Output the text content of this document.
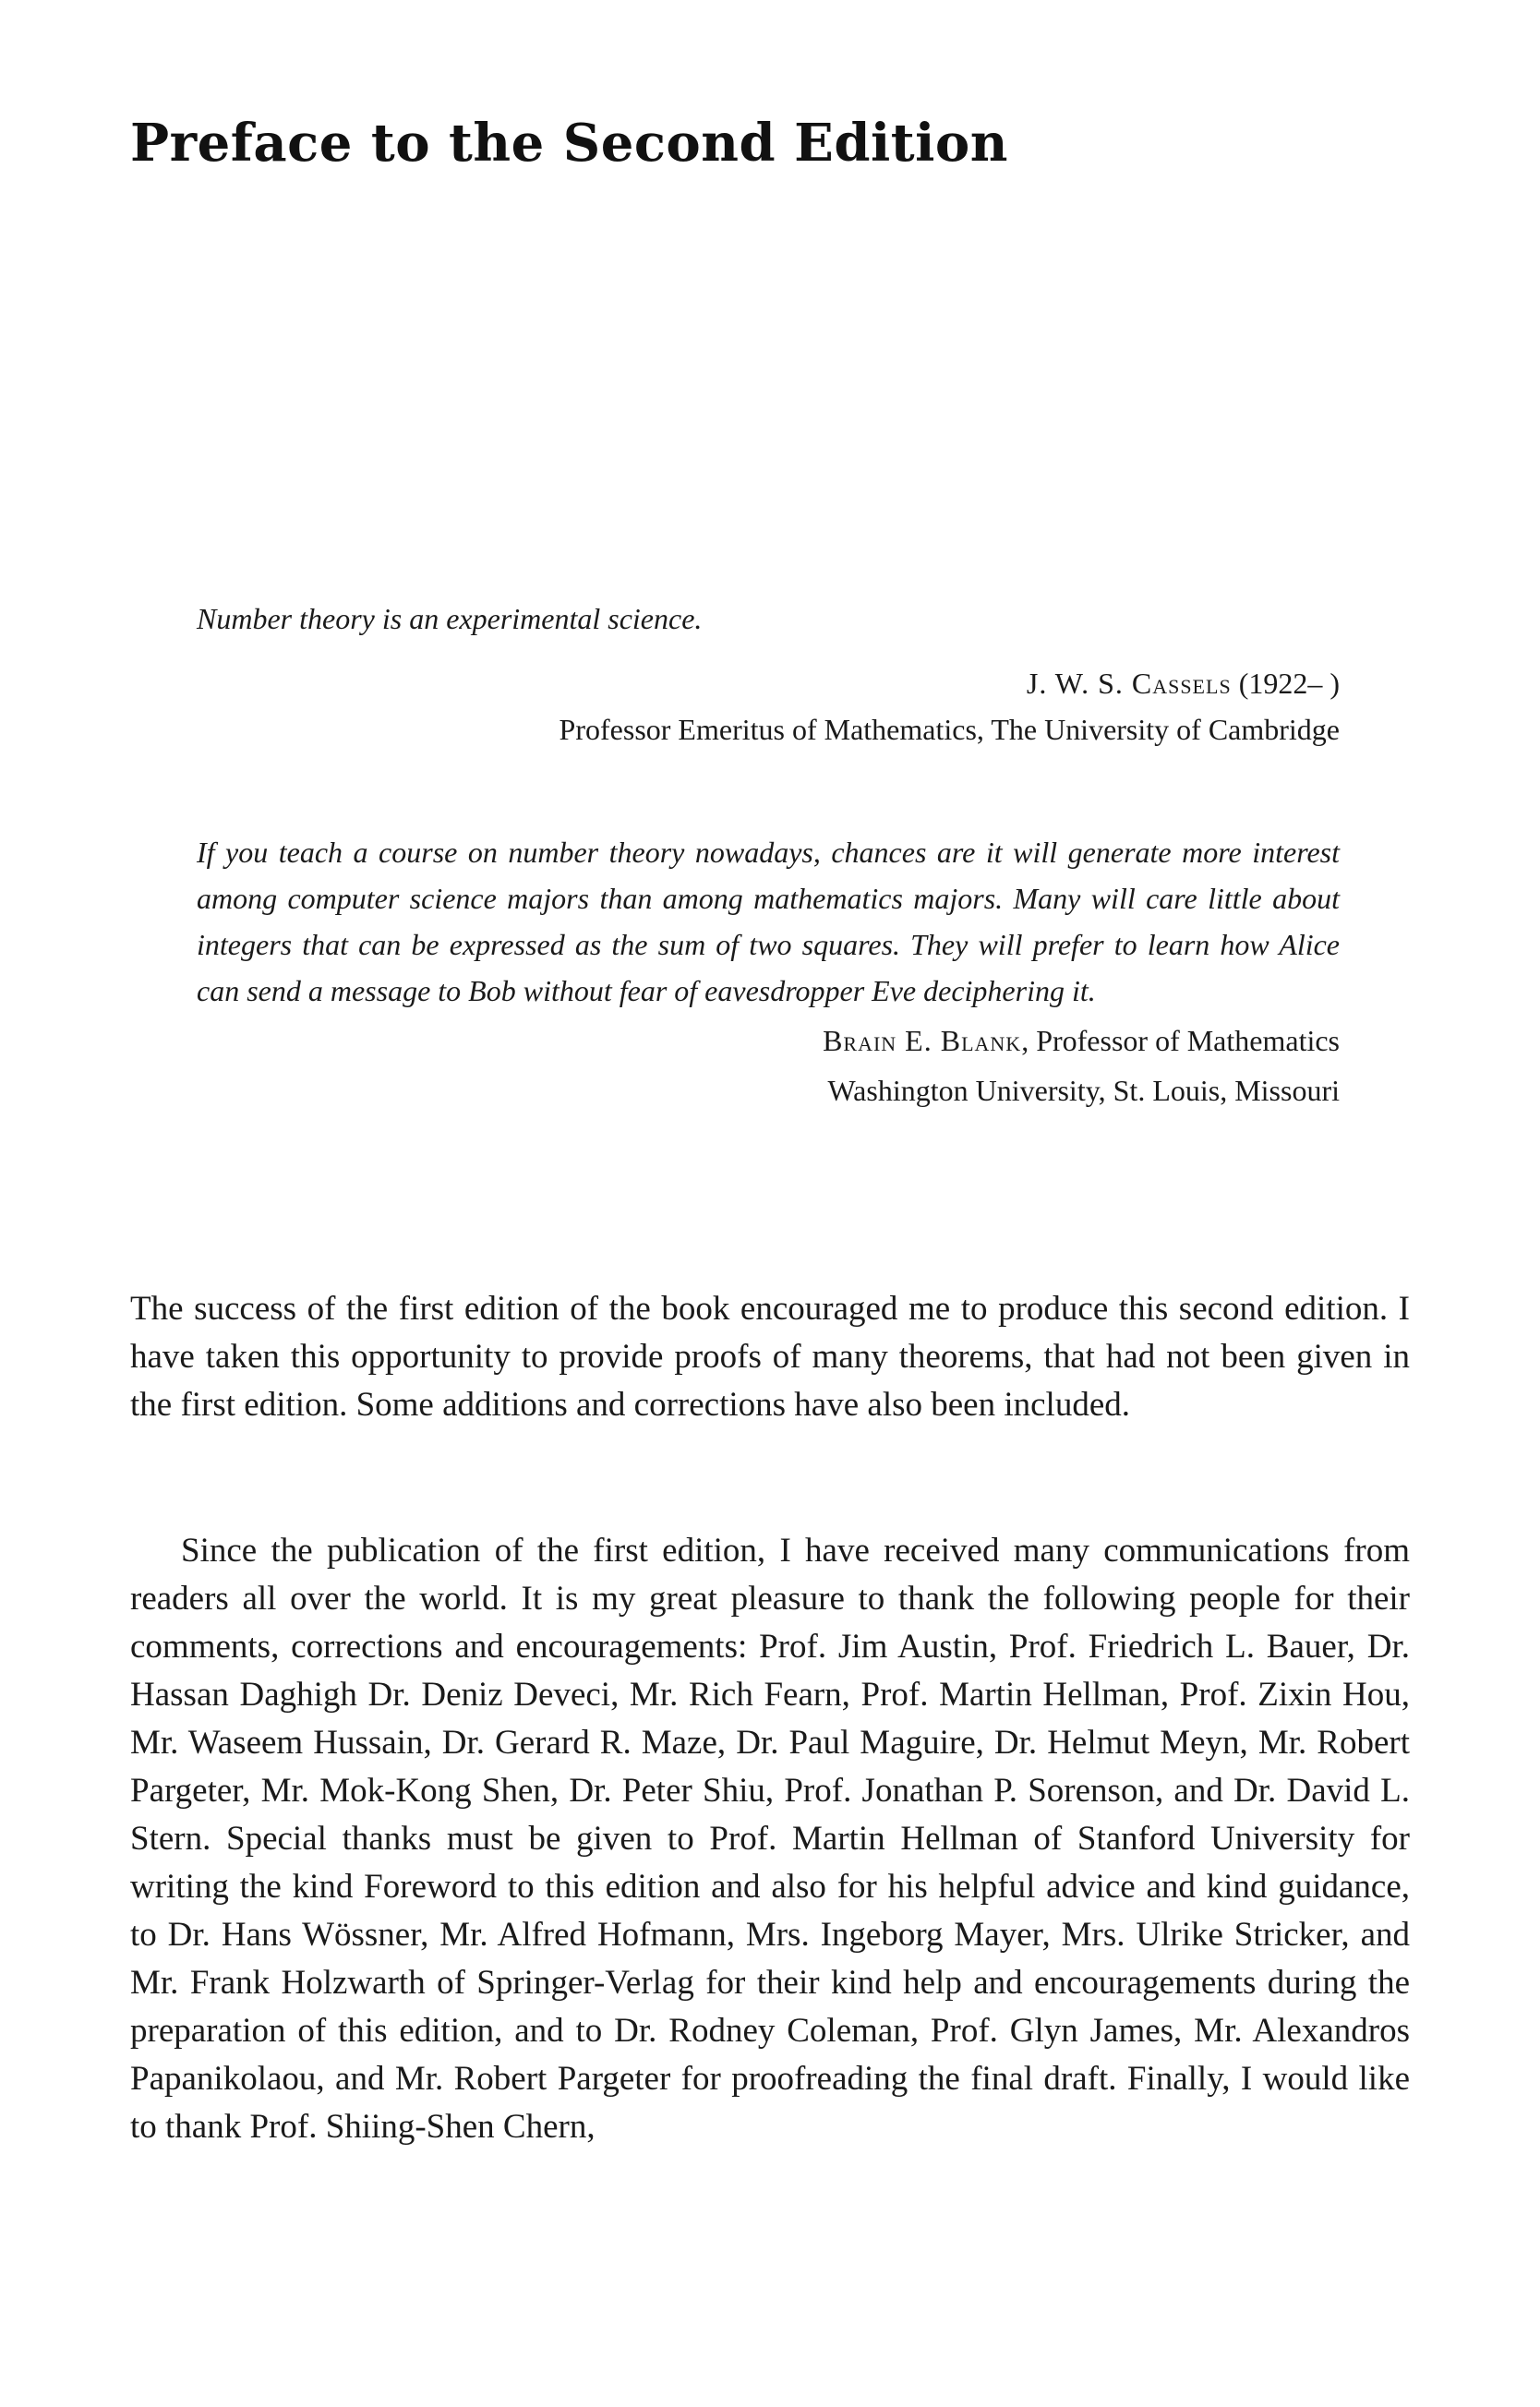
Preface to the Second Edition

Number theory is an experimental science.

J. W. S. Cassels (1922– )

Professor Emeritus of Mathematics, The University of Cambridge

If you teach a course on number theory nowadays, chances are it will generate more interest among computer science majors than among mathematics majors. Many will care little about integers that can be expressed as the sum of two squares. They will prefer to learn how Alice can send a message to Bob without fear of eavesdropper Eve deciphering it.

Brain E. Blank, Professor of Mathematics

Washington University, St. Louis, Missouri

The success of the first edition of the book encouraged me to produce this second edition. I have taken this opportunity to provide proofs of many theorems, that had not been given in the first edition. Some additions and corrections have also been included.

Since the publication of the first edition, I have received many communications from readers all over the world. It is my great pleasure to thank the following people for their comments, corrections and encouragements: Prof. Jim Austin, Prof. Friedrich L. Bauer, Dr. Hassan Daghigh Dr. Deniz Deveci, Mr. Rich Fearn, Prof. Martin Hellman, Prof. Zixin Hou, Mr. Waseem Hussain, Dr. Gerard R. Maze, Dr. Paul Maguire, Dr. Helmut Meyn, Mr. Robert Pargeter, Mr. Mok-Kong Shen, Dr. Peter Shiu, Prof. Jonathan P. Sorenson, and Dr. David L. Stern. Special thanks must be given to Prof. Martin Hellman of Stanford University for writing the kind Foreword to this edition and also for his helpful advice and kind guidance, to Dr. Hans Wössner, Mr. Alfred Hofmann, Mrs. Ingeborg Mayer, Mrs. Ulrike Stricker, and Mr. Frank Holzwarth of Springer-Verlag for their kind help and encouragements during the preparation of this edition, and to Dr. Rodney Coleman, Prof. Glyn James, Mr. Alexandros Papanikolaou, and Mr. Robert Pargeter for proofreading the final draft. Finally, I would like to thank Prof. Shiing-Shen Chern,
